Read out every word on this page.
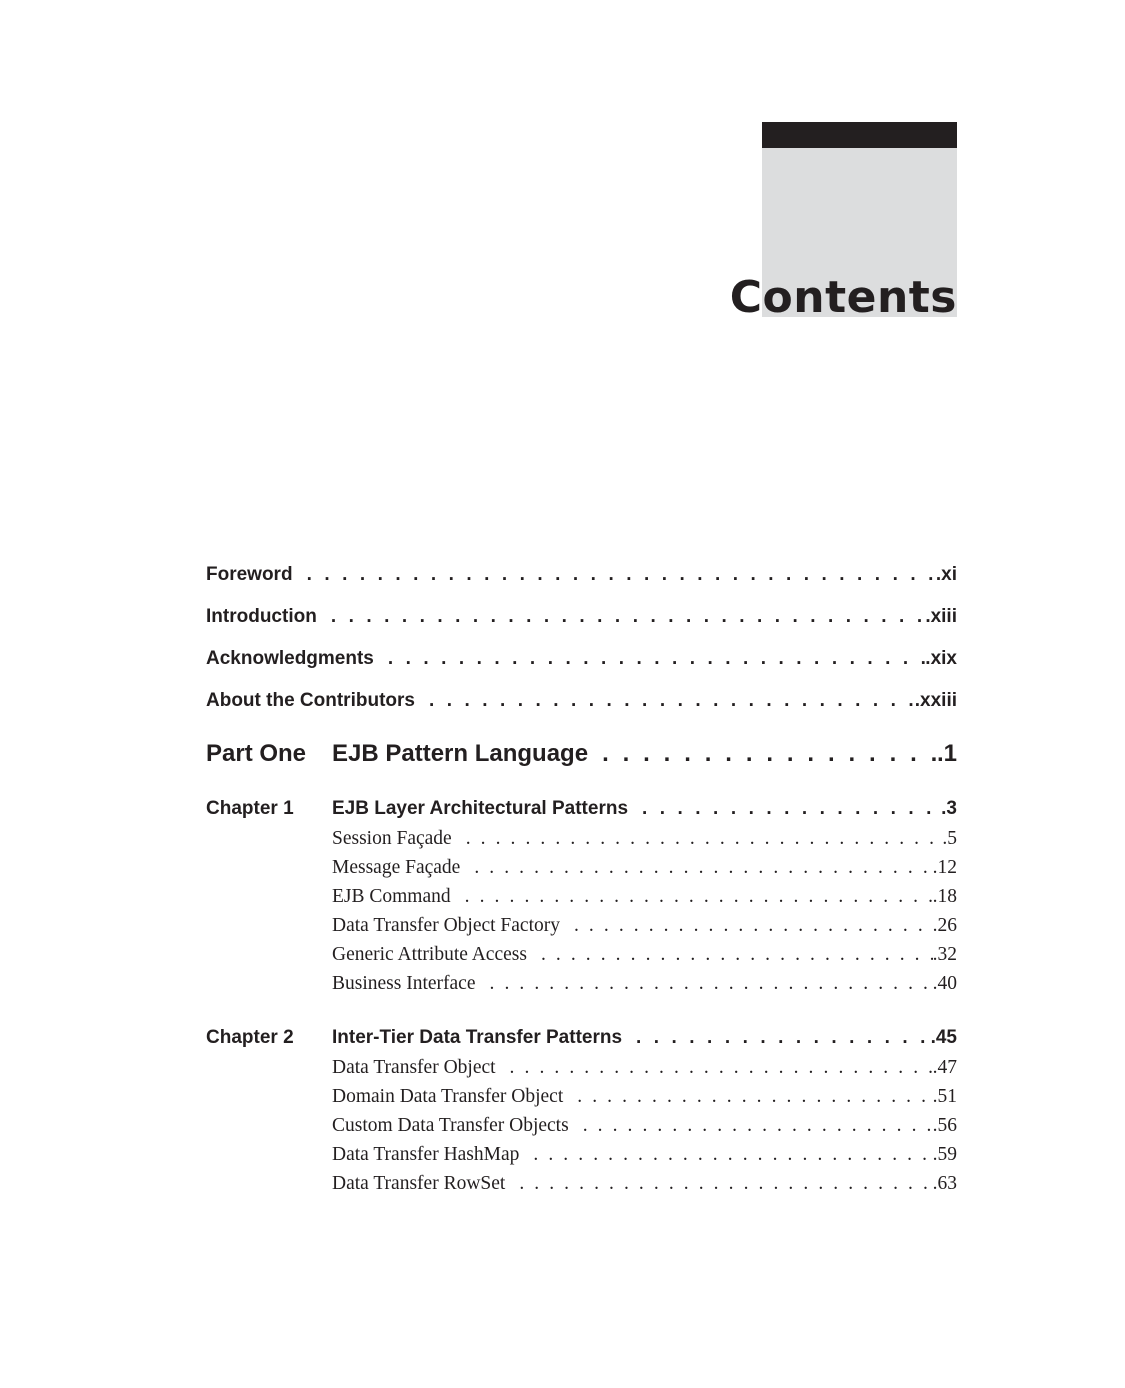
Contents
Foreword . . .	.xi
Introduction . . .	.xiii
Acknowledgments . . .	.xix
About the Contributors . . .	.xxiii
Part One	EJB Pattern Language . . .	.1
Chapter 1	EJB Layer Architectural Patterns . . .	.3
Session Façade . . .	.5
Message Façade . . .	.12
EJB Command . . .	.18
Data Transfer Object Factory . . .	.26
Generic Attribute Access . . .	.32
Business Interface . . .	.40
Chapter 2	Inter-Tier Data Transfer Patterns . . .	.45
Data Transfer Object . . .	.47
Domain Data Transfer Object . . .	.51
Custom Data Transfer Objects . . .	.56
Data Transfer HashMap . . .	.59
Data Transfer RowSet . . .	.63
